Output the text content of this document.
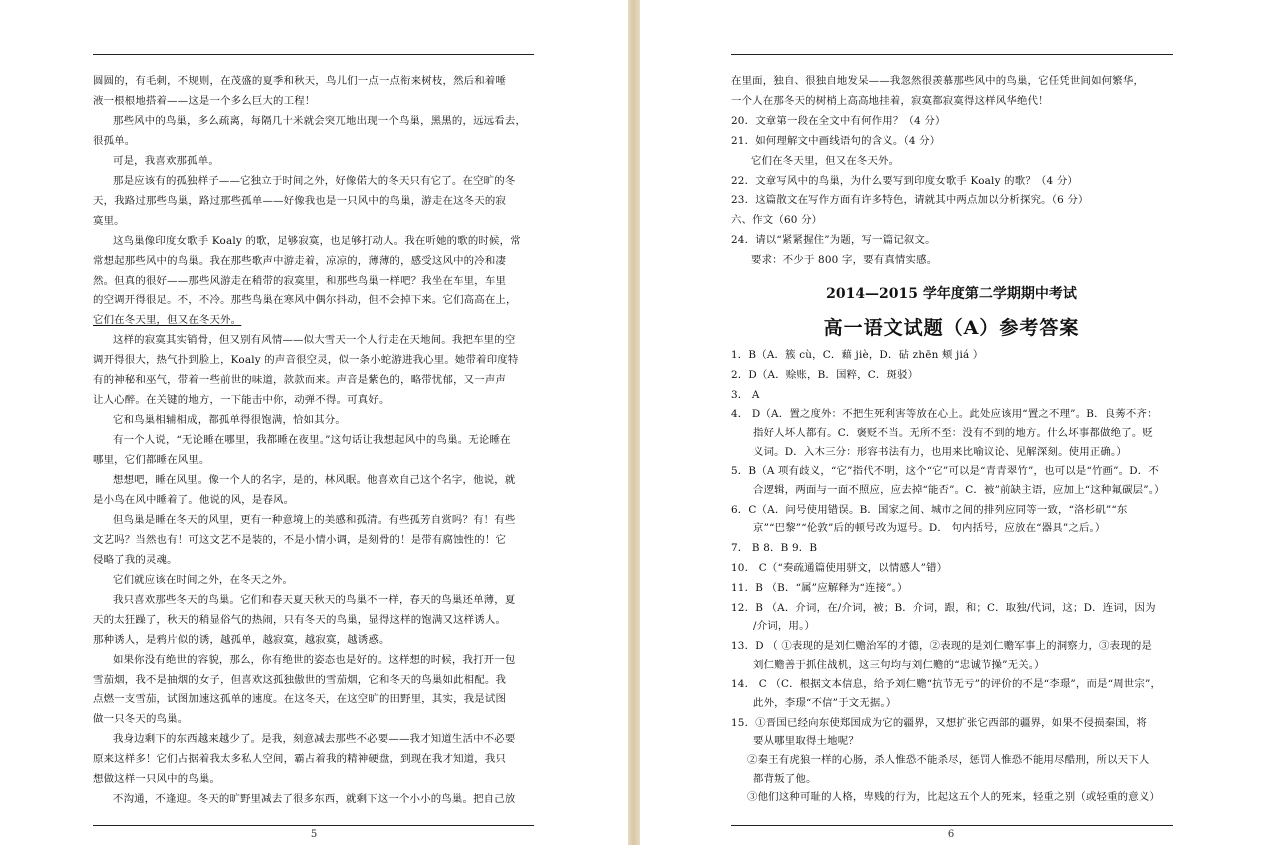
圆圆的，有毛刺，不规则，在茂盛的夏季和秋天，鸟儿们一点一点衔来树枝，然后和着唾
液一根根地搭着——这是一个多么巨大的工程！
那些风中的鸟巢，多么疏离，每隔几十米就会突兀地出现一个鸟巢，黑黑的，远远看去，
很孤单。
可是，我喜欢那孤单。
那是应该有的孤独样子——它独立于时间之外，好像偌大的冬天只有它了。在空旷的冬
天，我路过那些鸟巢，路过那些孤单——好像我也是一只风中的鸟巢，游走在这冬天的寂
寞里。
这鸟巢像印度女歌手 Koaly 的歌，足够寂寞，也足够打动人。我在听她的歌的时候，常
常想起那些风中的鸟巢。我在那些歌声中游走着，凉凉的，薄薄的，感受这风中的冷和凄
然。但真的很好——那些风游走在稍带的寂寞里，和那些鸟巢一样吧？我坐在车里，车里
的空调开得很足。不，不冷。那些鸟巢在寒风中偶尔抖动，但不会掉下来。它们高高在上，
它们在冬天里，但又在冬天外。
这样的寂寞其实销骨，但又别有风情——似大雪天一个人行走在天地间。我把车里的空
调开得很大，热气扑到脸上，Koaly 的声音很空灵，似一条小蛇游进我心里。她带着印度特
有的神秘和巫气，带着一些前世的味道，款款而来。声音是紫色的，略带忧郁，又一声声
让人心醉。在关键的地方，一下能击中你，动弹不得。可真好。
它和鸟巢相辅相成，都孤单得很饱满，恰如其分。
有一个人说，“无论睡在哪里，我都睡在夜里。”这句话让我想起风中的鸟巢。无论睡在
哪里，它们都睡在风里。
想想吧，睡在风里。像一个人的名字，是的，林风眠。他喜欢自己这个名字，他说，就
是小鸟在风中睡着了。他说的风，是春风。
但鸟巢是睡在冬天的风里，更有一种意境上的美感和孤清。有些孤芳自赏吗？有！有些
文艺吗？当然也有！可这文艺不是装的，不是小情小调，是刻骨的！是带有腐蚀性的！它
侵略了我的灵魂。
它们就应该在时间之外，在冬天之外。
我只喜欢那些冬天的鸟巢。它们和春天夏天秋天的鸟巢不一样，春天的鸟巢还单薄，夏
天的太狂躁了，秋天的稍显俗气的热闹，只有冬天的鸟巢，显得这样的饱满又这样诱人。
那种诱人，是鸦片似的诱，越孤单，越寂寞，越寂寞，越诱惑。
如果你没有绝世的容貌，那么，你有绝世的姿态也是好的。这样想的时候，我打开一包
雪茄烟，我不是抽烟的女子，但喜欢这孤独傲世的雪茄烟，它和冬天的鸟巢如此相配。我
点燃一支雪茄，试图加速这孤单的速度。在这冬天，在这空旷的田野里，其实，我是试图
做一只冬天的鸟巢。
我身边剩下的东西越来越少了。是我，刻意减去那些不必要——我才知道生活中不必要
原来这样多！它们占据着我太多私人空间，霸占着我的精神硬盘，到现在我才知道，我只
想做这样一只风中的鸟巢。
不沟通，不逢迎。冬天的旷野里减去了很多东西，就剩下这一个小小的鸟巢。把自己放
5
在里面，独自、很独自地发呆——我忽然很羡慕那些风中的鸟巢，它任凭世间如何繁华，
一个人在那冬天的树梢上高高地挂着，寂寞都寂寞得这样风华绝代！
20．文章第一段在全文中有何作用？（4 分）
21．如何理解文中画线语句的含义。（4 分）
它们在冬天里，但又在冬天外。
22．文章写风中的鸟巢，为什么要写到印度女歌手 Koaly 的歌？（4 分）
23．这篇散文在写作方面有许多特色，请就其中两点加以分析探究。（6 分）
六、作文（60 分）
24．请以“紧紧握住”为题，写一篇记叙文。
要求：不少于 800 字，要有真情实感。
2014—2015 学年度第二学期期中考试
高一语文试题（A）参考答案
1．B（A．簇 cù，C．藉 jiè，D．砧 zhēn 颊 jiá ）
2．D（A．赊账，B．国粹，C．斑驳）
3． A
4． D（A．置之度外：不把生死利害等放在心上。此处应该用“置之不理”。B．良莠不齐：
指好人坏人都有。C．褒贬不当。无所不至：没有不到的地方。什么坏事都做绝了。贬
义词。D．入木三分：形容书法有力，也用来比喻议论、见解深刻。使用正确。）
5．B（A 项有歧义，“它”指代不明，这个“它”可以是“青青翠竹”，也可以是“竹画”。D．不
合逻辑，两面与一面不照应，应去掉“能否”。C．被”前缺主语，应加上“这种氟碳层”。）
6．C（A．问号使用错误。B．国家之间、城市之间的排列应同等一致，“洛杉矶”“东
京”“巴黎”“伦敦”后的顿号改为逗号。D． 句内括号，应放在“器具”之后。）
7． B 8．B 9．B
10． C（“奏疏通篇使用骈文，以情感人”错）
11．B （B．“属”应解释为“连接”。）
12．B （A．介词，在/介词，被；B．介词，跟，和；C．取独/代词，这；D．连词，因为
/介词，用。）
13．D （ ①表现的是刘仁赡治军的才德，②表现的是刘仁赡军事上的洞察力，③表现的是
刘仁赡善于抓住战机，这三句均与刘仁赡的“忠诚节操”无关。）
14． C （C．根据文本信息，给予刘仁赡“抗节无亏”的评价的不是“李璟”，而是“周世宗”，
此外，李璟“不信”于文无据。）
15．①晋国已经向东使郑国成为它的疆界，又想扩张它西部的疆界，如果不侵损秦国，将
要从哪里取得土地呢？
②秦王有虎狼一样的心肠，杀人惟恐不能杀尽，惩罚人惟恐不能用尽酷刑，所以天下人
都背叛了他。
③他们这种可耻的人格，卑贱的行为，比起这五个人的死来，轻重之别（或轻重的意义）
6
